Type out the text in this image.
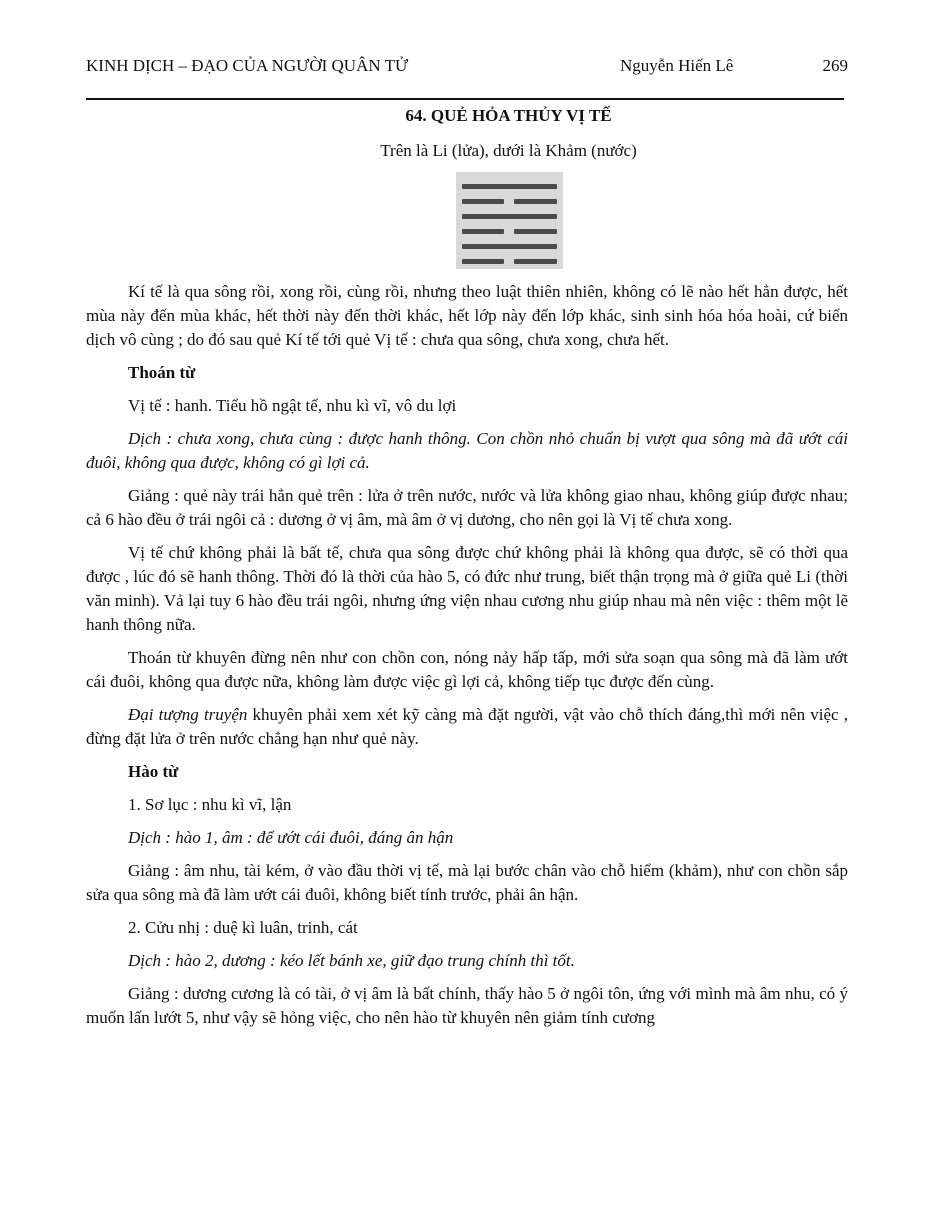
KINH DỊCH – ĐẠO CỦA NGƯỜI QUÂN TỬ	Nguyễn Hiến Lê	269
64. QUẺ HỎA THỦY VỊ TẾ
Trên là Li (lửa), dưới là Khảm (nước)

Kí tế là qua sông rồi, xong rồi, cùng rồi, nhưng theo luật thiên nhiên, không có lẽ nào hết hẳn được, hết mùa này đến mùa khác, hết thời này đến thời khác, hết lớp này đến lớp khác, sinh sinh hóa hóa hoài, cứ biến dịch vô cùng ; do đó sau quẻ Kí tế tới quẻ Vị tế : chưa qua sông, chưa xong, chưa hết.

Thoán từ

Vị tế : hanh. Tiểu hồ ngật tế, nhu kì vĩ, vô du lợi

Dịch : chưa xong, chưa cùng : được hanh thông. Con chồn nhỏ chuẩn bị vượt qua sông mà đã ướt cái đuôi, không qua được, không có gì lợi cả.

Giảng : quẻ này trái hẳn quẻ trên : lửa ở trên nước, nước và lửa không giao nhau, không giúp được nhau; cả 6 hào đều ở trái ngôi cả : dương ở vị âm, mà âm ở vị dương, cho nên gọi là Vị tế chưa xong.

Vị tế chứ không phải là bất tế, chưa qua sông được chứ không phải là không qua được, sẽ có thời qua được , lúc đó sẽ hanh thông. Thời đó là thời của hào 5, có đức như trung, biết thận trọng mà ở giữa quẻ Li (thời văn minh). Vả lại tuy 6 hào đều trái ngôi, nhưng ứng viện nhau cương nhu giúp nhau mà nên việc : thêm một lẽ hanh thông nữa.

Thoán từ khuyên đừng nên như con chồn con, nóng nảy hấp tấp, mới sửa soạn qua sông mà đã làm ướt cái đuôi, không qua được nữa, không làm được việc gì lợi cả, không tiếp tục được đến cùng.

Đại tượng truyện khuyên phải xem xét kỹ càng mà đặt người, vật vào chỗ thích đáng,thì mới nên việc , đừng đặt lửa ở trên nước chẳng hạn như quẻ này.

Hào từ

1. Sơ lục : nhu kì vĩ, lận

Dịch : hào 1, âm : để ướt cái đuôi, đáng ân hận

Giảng : âm nhu, tài kém, ở vào đầu thời vị tế, mà lại bước chân vào chỗ hiểm (khảm), như con chồn sắp sửa qua sông mà đã làm ướt cái đuôi, không biết tính trước, phải ân hận.

2. Cửu nhị : duệ kì luân, trinh, cát

Dịch : hào 2, dương : kéo lết bánh xe, giữ đạo trung chính thì tốt.

Giảng : dương cương là có tài, ở vị âm là bất chính, thấy hào 5 ở ngôi tôn, ứng với mình mà âm nhu, có ý muốn lấn lướt 5, như vậy sẽ hỏng việc, cho nên hào từ khuyên nên giảm tính cương
